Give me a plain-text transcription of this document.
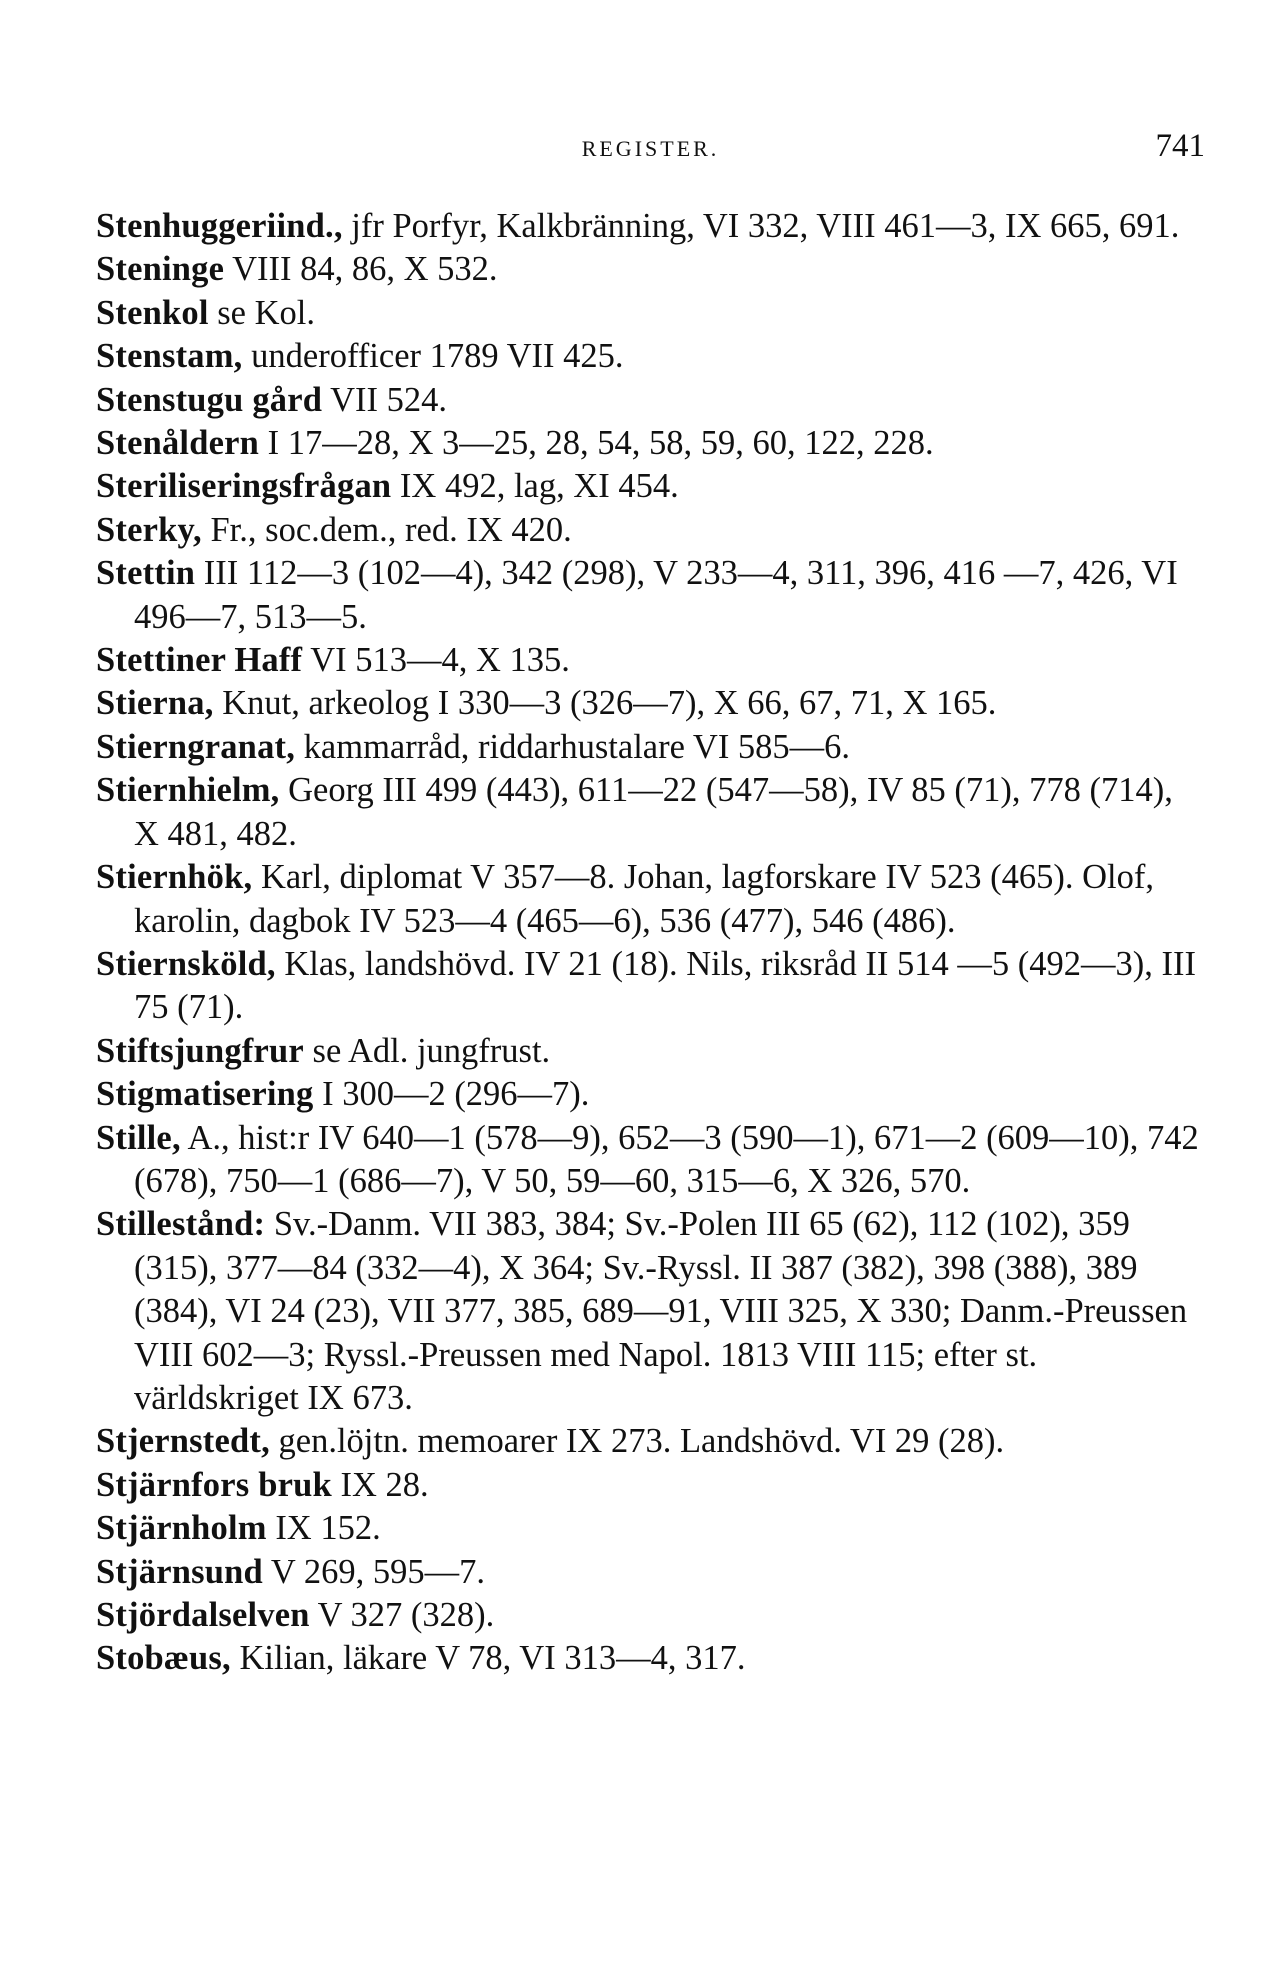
REGISTER.	741

Stenhuggeriind., jfr Porfyr, Kalkbränning, VI 332, VIII 461—3, IX 665, 691.

Steninge VIII 84, 86, X 532.

Stenkol se Kol.

Stenstam, underofficer 1789 VII 425.

Stenstugu gård VII 524.

Stenåldern I 17—28, X 3—25, 28, 54, 58, 59, 60, 122, 228.

Steriliseringsfrågan IX 492, lag, XI 454.

Sterky, Fr., soc.dem., red. IX 420.

Stettin III 112—3 (102—4), 342 (298), V 233—4, 311, 396, 416 —7, 426, VI 496—7, 513—5.

Stettiner Haff VI 513—4, X 135.

Stierna, Knut, arkeolog I 330—3 (326—7), X 66, 67, 71, X 165.

Stierngranat, kammarråd, riddarhustalare VI 585—6.

Stiernhielm, Georg III 499 (443), 611—22 (547—58), IV 85 (71), 778 (714), X 481, 482.

Stiernhök, Karl, diplomat V 357—8. Johan, lagforskare IV 523 (465). Olof, karolin, dagbok IV 523—4 (465—6), 536 (477), 546 (486).

Stiernsköld, Klas, landshövd. IV 21 (18). Nils, riksråd II 514 —5 (492—3), III 75 (71).

Stiftsjungfrur se Adl. jungfrust.

Stigmatisering I 300—2 (296—7).

Stille, A., hist:r IV 640—1 (578—9), 652—3 (590—1), 671—2 (609—10), 742 (678), 750—1 (686—7), V 50, 59—60, 315—6, X 326, 570.

Stillestånd: Sv.-Danm. VII 383, 384; Sv.-Polen III 65 (62), 112 (102), 359 (315), 377—84 (332—4), X 364; Sv.-Ryssl. II 387 (382), 398 (388), 389 (384), VI 24 (23), VII 377, 385, 689—91, VIII 325, X 330; Danm.-Preussen VIII 602—3; Ryssl.-Preussen med Napol. 1813 VIII 115; efter st. världskriget IX 673.

Stjernstedt, gen.löjtn. memoarer IX 273. Landshövd. VI 29 (28).

Stjärnfors bruk IX 28.

Stjärnholm IX 152.

Stjärnsund V 269, 595—7.

Stjördalselven V 327 (328).

Stobæus, Kilian, läkare V 78, VI 313—4, 317.
